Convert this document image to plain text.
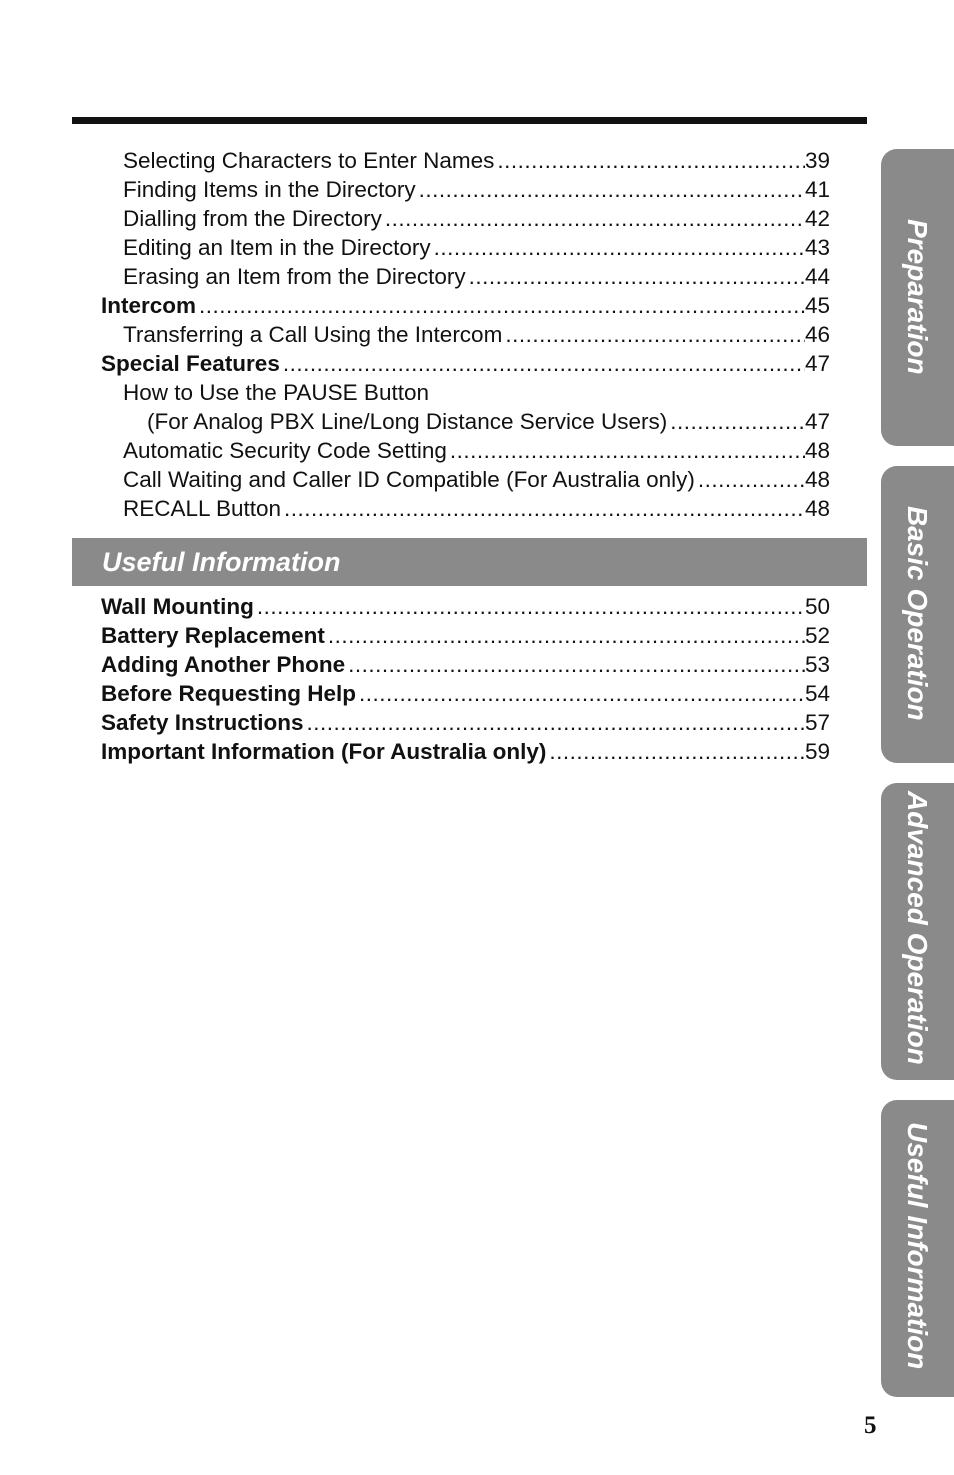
Selecting Characters to Enter Names .....	39
Finding Items in the Directory .....	41
Dialling from the Directory .....	42
Editing an Item in the Directory .....	43
Erasing an Item from the Directory .....	44
Intercom .....	45
Transferring a Call Using the Intercom .....	46
Special Features .....	47
How to Use the PAUSE Button
(For Analog PBX Line/Long Distance Service Users) .....	47
Automatic Security Code Setting .....	48
Call Waiting and Caller ID Compatible (For Australia only) .....	48
RECALL Button .....	48
Useful Information
Wall Mounting .....	50
Battery Replacement .....	52
Adding Another Phone .....	53
Before Requesting Help .....	54
Safety Instructions .....	57
Important Information (For Australia only) .....	59
Preparation
Basic Operation
Advanced Operation
Useful Information
5
